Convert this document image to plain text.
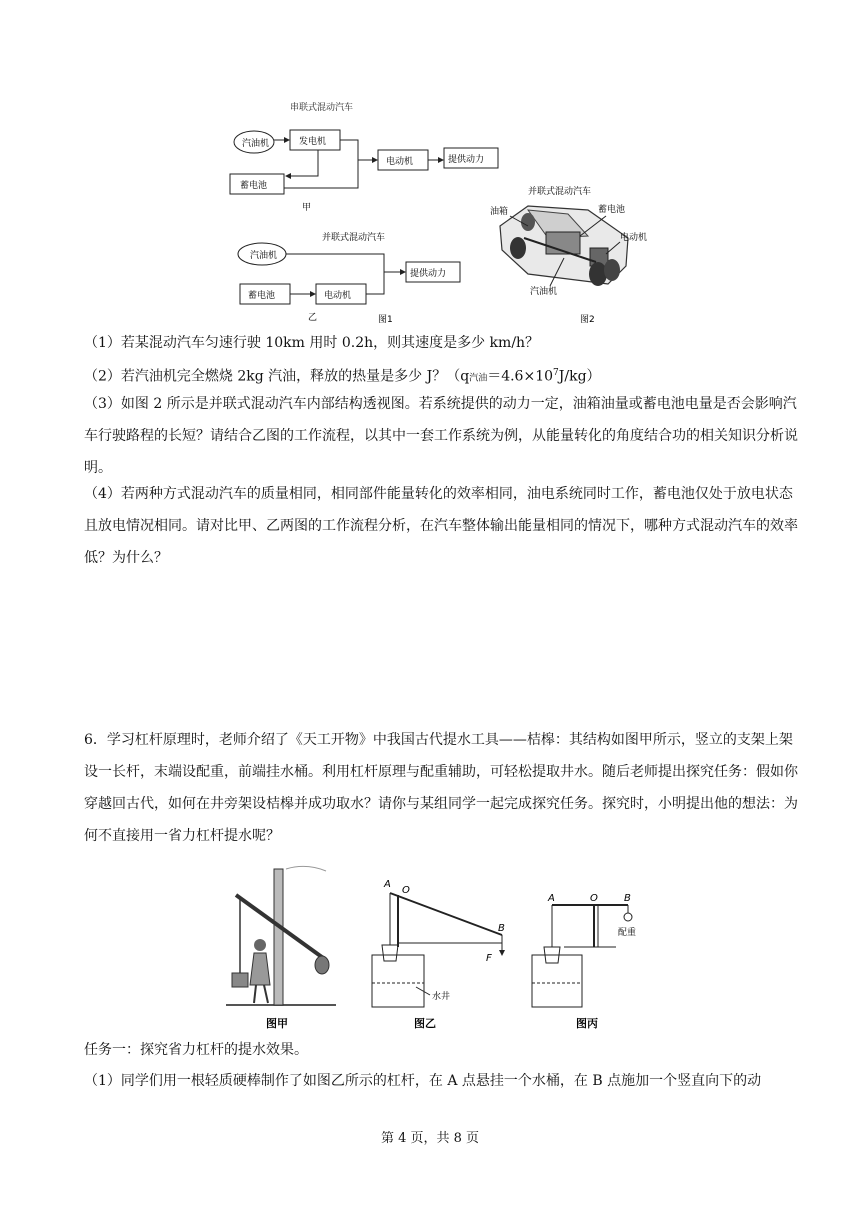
串联式混动汽车
汽油机	发电机
蓄电池
电动机	提供动力
甲
并联式混动汽车
汽油机
蓄电池	电动机
提供动力
乙	图1
并联式混动汽车
油箱	蓄电池
电动机
汽油机
图2
（1）若某混动汽车匀速行驶 10km 用时 0.2h，则其速度是多少 km/h？
（2）若汽油机完全燃烧 2kg 汽油，释放的热量是多少 J？（q汽油$=4.6\times 10^7J/kg$）
（3）如图 2 所示是并联式混动汽车内部结构透视图。若系统提供的动力一定，油箱油量或蓄电池电量是否会影响汽车行驶路程的长短？请结合乙图的工作流程，以其中一套工作系统为例，从能量转化的角度结合功的相关知识分析说明。
（4）若两种方式混动汽车的质量相同，相同部件能量转化的效率相同，油电系统同时工作，蓄电池仅处于放电状态且放电情况相同。请对比甲、乙两图的工作流程分析，在汽车整体输出能量相同的情况下，哪种方式混动汽车的效率低？为什么？
6．学习杠杆原理时，老师介绍了《天工开物》中我国古代提水工具——桔槔：其结构如图甲所示，竖立的支架上架设一长杆，末端设配重，前端挂水桶。利用杠杆原理与配重辅助，可轻松提取井水。随后老师提出探究任务：假如你穿越回古代，如何在井旁架设桔槔并成功取水？请你与某组同学一起完成探究任务。探究时，小明提出他的想法：为何不直接用一省力杠杆提水呢？
图甲
A
O
B
F
水井
图乙
A	O	B
配重
图丙
任务一：探究省力杠杆的提水效果。
（1）同学们用一根轻质硬棒制作了如图乙所示的杠杆，在 A 点悬挂一个水桶，在 B 点施加一个竖直向下的动
第 4 页，共 8 页
